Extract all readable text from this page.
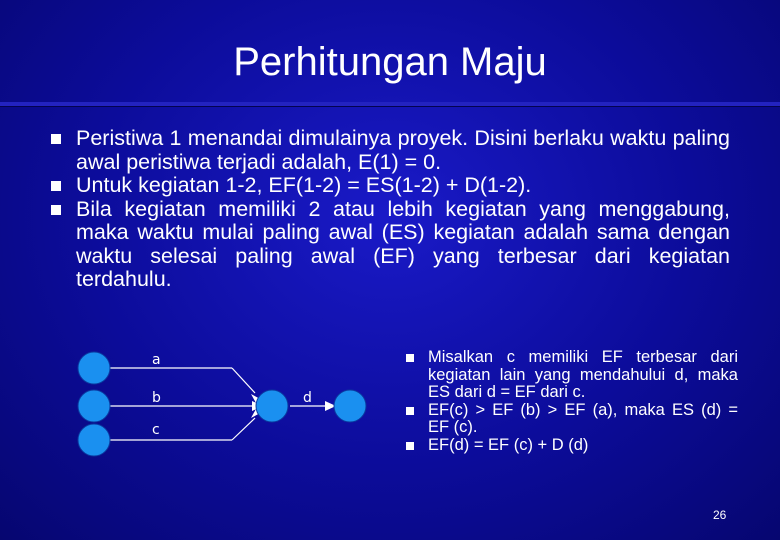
Perhitungan Maju
Peristiwa 1 menandai dimulainya proyek. Disini berlaku waktu paling awal peristiwa terjadi adalah, E(1) = 0.
Untuk kegiatan 1-2, EF(1-2) = ES(1-2) + D(1-2).
Bila kegiatan memiliki 2 atau lebih kegiatan yang menggabung, maka waktu mulai paling awal (ES) kegiatan adalah sama dengan waktu selesai paling awal (EF) yang terbesar dari kegiatan terdahulu.
a
b
c
d
Misalkan c memiliki EF terbesar dari kegiatan lain yang mendahului d, maka ES dari d = EF dari c.
EF(c) > EF (b) > EF (a), maka ES (d) = EF (c).
EF(d) = EF (c) + D (d)
26
